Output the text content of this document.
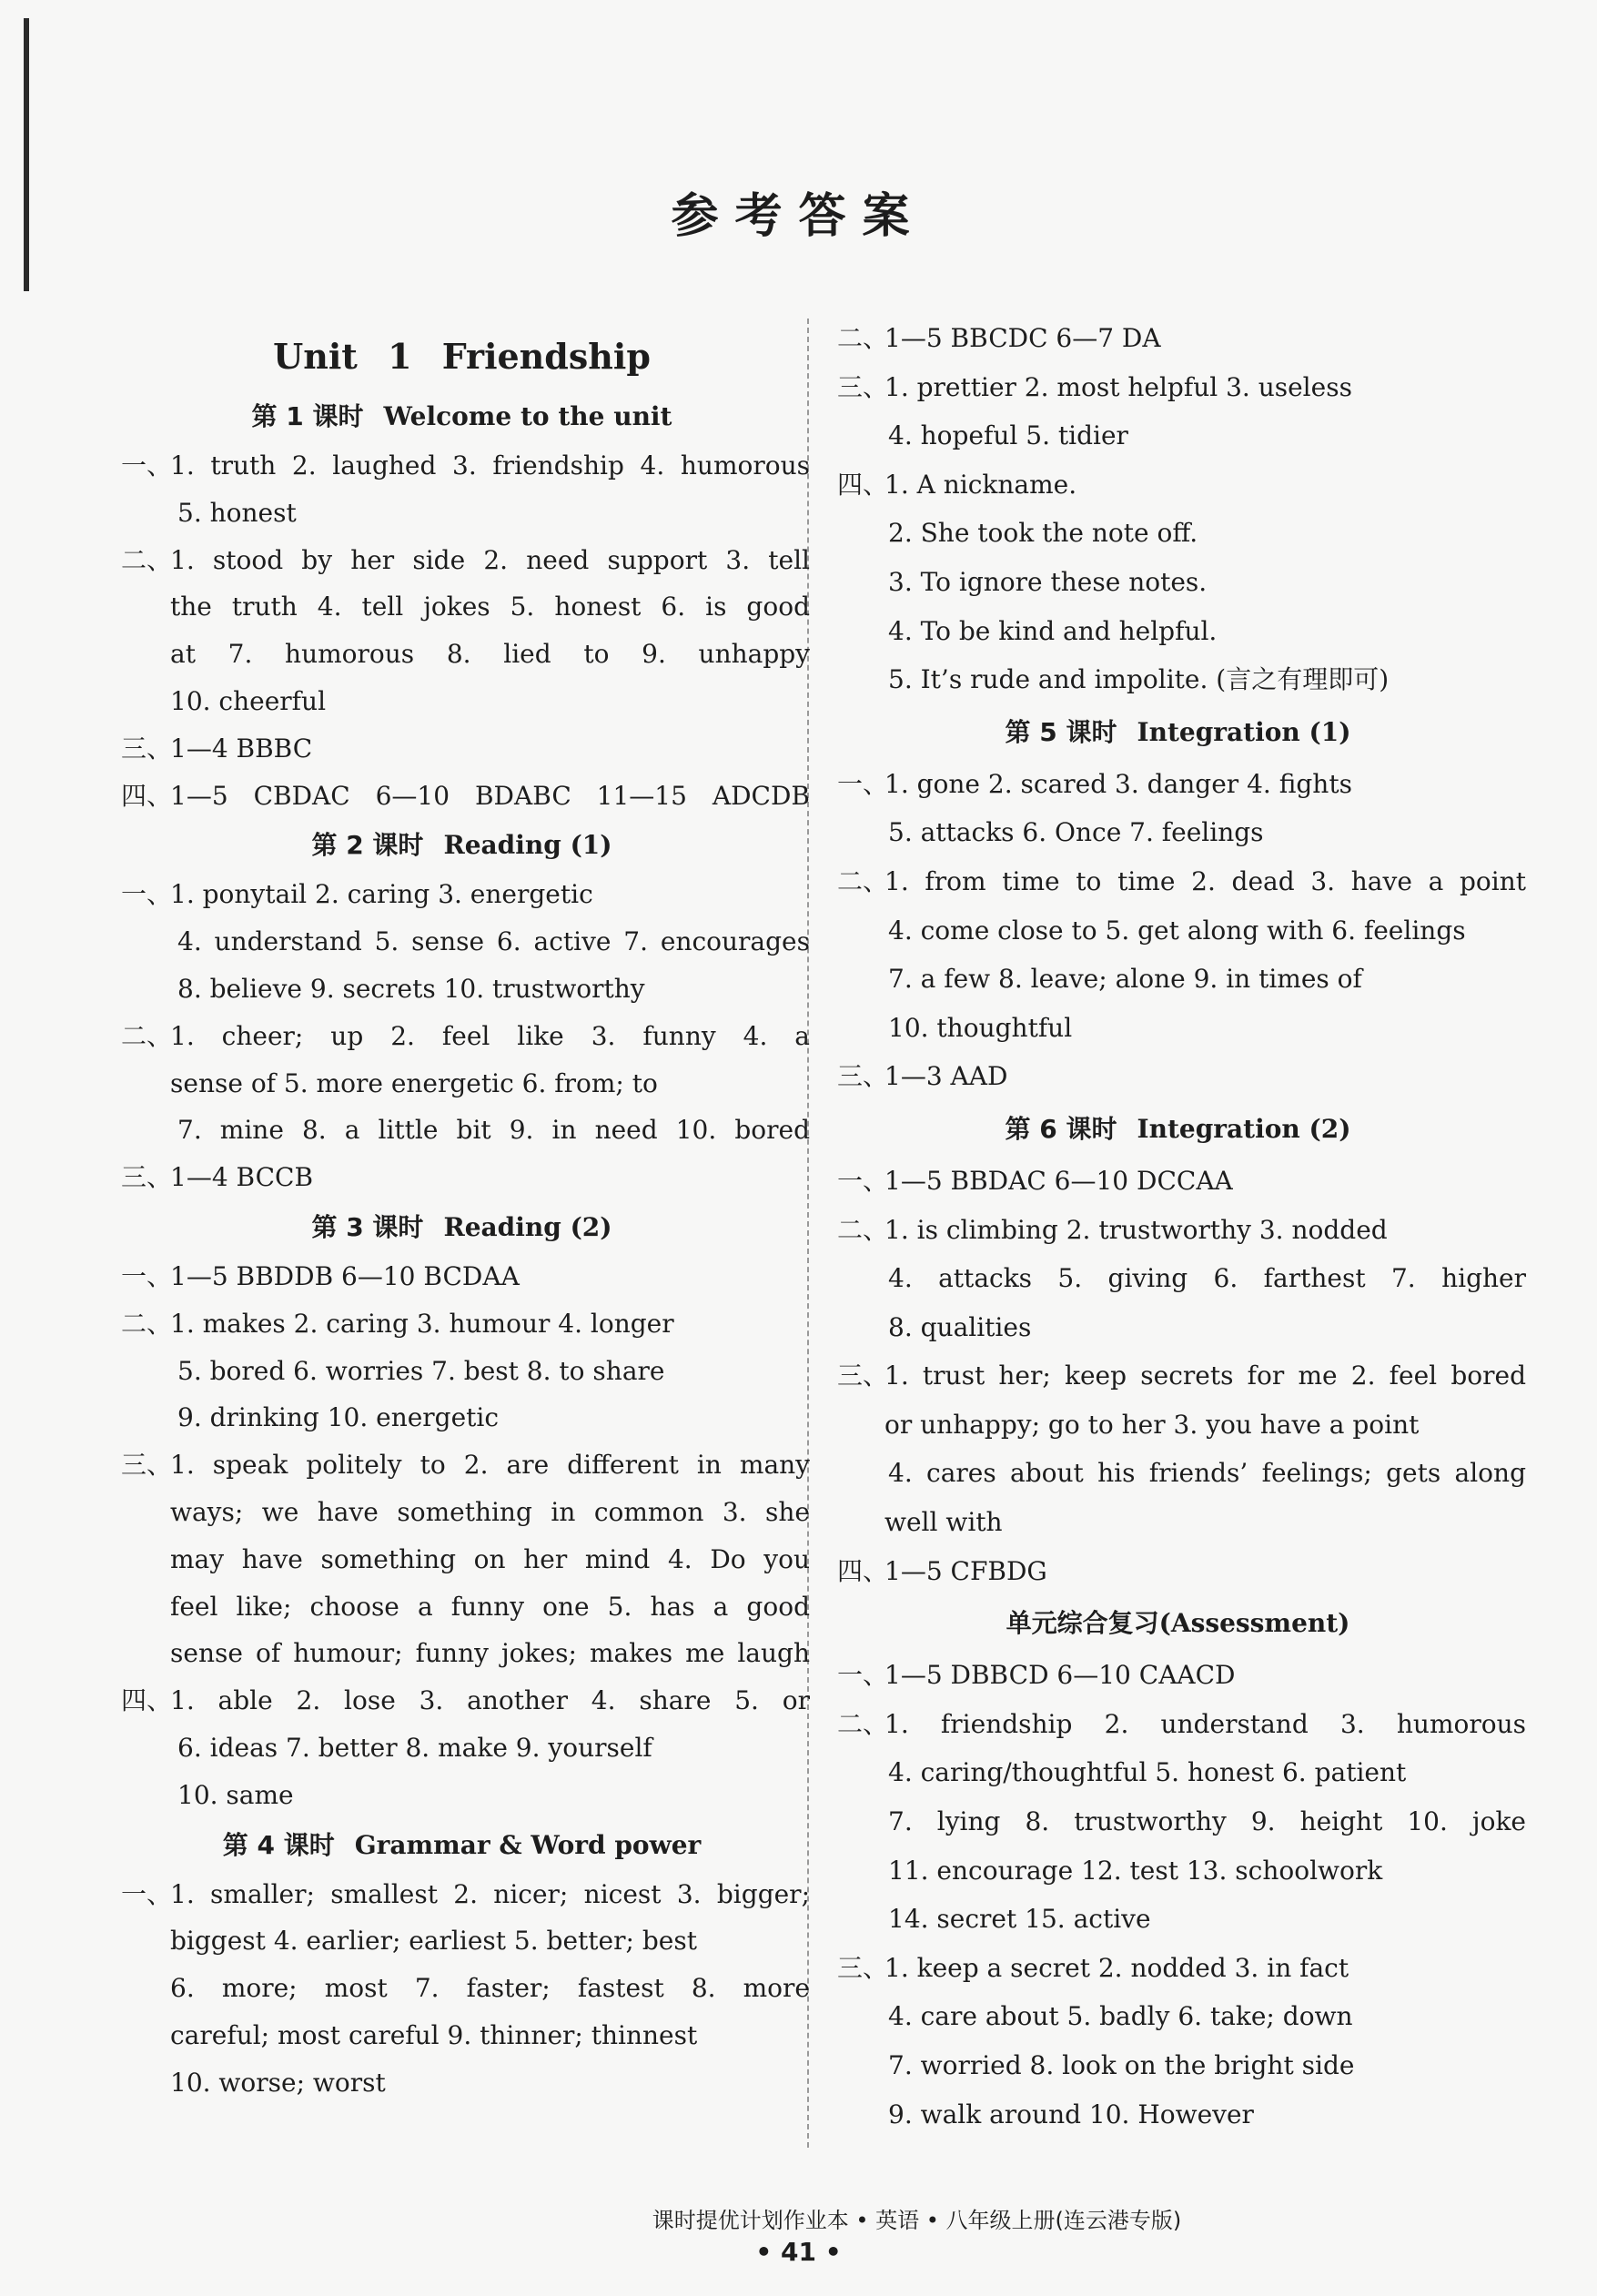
参考答案
Unit 1 Friendship
第 1 课时 Welcome to the unit
一、
1. truth 2. laughed 3. friendship 4. humorous
5. honest
二、
1. stood by her side 2. need support 3. tell
the truth 4. tell jokes 5. honest 6. is good
at 7. humorous 8. lied to 9. unhappy
10. cheerful
三、
1—4 BBBC
四、
1—5 CBDAC 6—10 BDABC 11—15 ADCDB
第 2 课时 Reading (1)
一、
1. ponytail 2. caring 3. energetic
4. understand 5. sense 6. active 7. encourages
8. believe 9. secrets 10. trustworthy
二、
1. cheer; up 2. feel like 3. funny 4. a
sense of 5. more energetic 6. from; to
7. mine 8. a little bit 9. in need 10. bored
三、
1—4 BCCB
第 3 课时 Reading (2)
一、
1—5 BBDDB 6—10 BCDAA
二、
1. makes 2. caring 3. humour 4. longer
5. bored 6. worries 7. best 8. to share
9. drinking 10. energetic
三、
1. speak politely to 2. are different in many
ways; we have something in common 3. she
may have something on her mind 4. Do you
feel like; choose a funny one 5. has a good
sense of humour; funny jokes; makes me laugh
四、
1. able 2. lose 3. another 4. share 5. or
6. ideas 7. better 8. make 9. yourself
10. same
第 4 课时 Grammar & Word power
一、
1. smaller; smallest 2. nicer; nicest 3. bigger;
biggest 4. earlier; earliest 5. better; best
6. more; most 7. faster; fastest 8. more
careful; most careful 9. thinner; thinnest
10. worse; worst
二、
1—5 BBCDC 6—7 DA
三、
1. prettier 2. most helpful 3. useless
4. hopeful 5. tidier
四、
1. A nickname.
2. She took the note off.
3. To ignore these notes.
4. To be kind and helpful.
5. It’s rude and impolite. (言之有理即可)
第 5 课时 Integration (1)
一、
1. gone 2. scared 3. danger 4. fights
5. attacks 6. Once 7. feelings
二、
1. from time to time 2. dead 3. have a point
4. come close to 5. get along with 6. feelings
7. a few 8. leave; alone 9. in times of
10. thoughtful
三、
1—3 AAD
第 6 课时 Integration (2)
一、
1—5 BBDAC 6—10 DCCAA
二、
1. is climbing 2. trustworthy 3. nodded
4. attacks 5. giving 6. farthest 7. higher
8. qualities
三、
1. trust her; keep secrets for me 2. feel bored
or unhappy; go to her 3. you have a point
4. cares about his friends’ feelings; gets along
well with
四、
1—5 CFBDG
单元综合复习(Assessment)
一、
1—5 DBBCD 6—10 CAACD
二、
1. friendship 2. understand 3. humorous
4. caring/thoughtful 5. honest 6. patient
7. lying 8. trustworthy 9. height 10. joke
11. encourage 12. test 13. schoolwork
14. secret 15. active
三、
1. keep a secret 2. nodded 3. in fact
4. care about 5. badly 6. take; down
7. worried 8. look on the bright side
9. walk around 10. However
课时提优计划作业本 • 英语 • 八年级上册(连云港专版)
• 41 •
